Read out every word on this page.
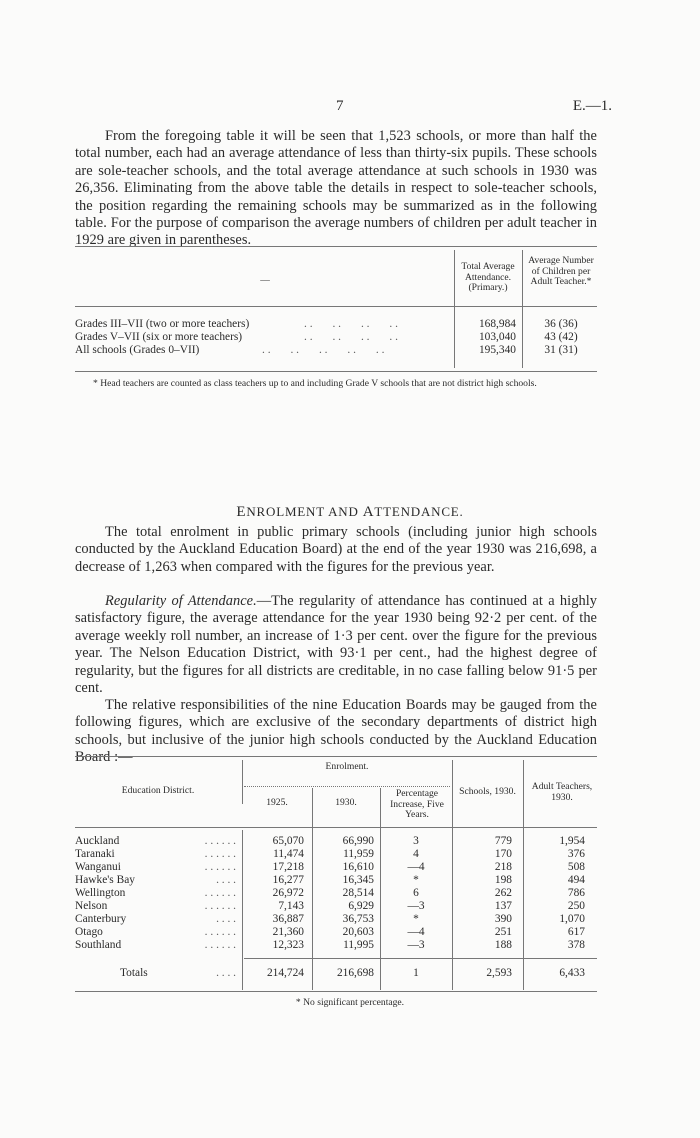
7	E.—1.

From the foregoing table it will be seen that 1,523 schools, or more than half the total number, each had an average attendance of less than thirty-six pupils. These schools are sole-teacher schools, and the total average attendance at such schools in 1930 was 26,356. Eliminating from the above table the details in respect to sole-teacher schools, the position regarding the remaining schools may be summarized as in the following table. For the purpose of comparison the average numbers of children per adult teacher in 1929 are given in parentheses.

—
Total Average Attendance. (Primary.)
Average Number of Children per Adult Teacher.*
Grades III–VII (two or more teachers)	. .       . .       . .       . .	168,984	36 (36)
Grades V–VII (six or more teachers)	. .       . .       . .       . .	103,040	43 (42)
All schools (Grades 0–VII)	. .       . .       . .       . .       . .	195,340	31 (31)
* Head teachers are counted as class teachers up to and including Grade V schools that are not district high schools.
ENROLMENT AND ATTENDANCE.

The total enrolment in public primary schools (including junior high schools conducted by the Auckland Education Board) at the end of the year 1930 was 216,698, a decrease of 1,263 when compared with the figures for the previous year.

Regularity of Attendance.—The regularity of attendance has continued at a highly satisfactory figure, the average attendance for the year 1930 being 92·2 per cent. of the average weekly roll number, an increase of 1·3 per cent. over the figure for the previous year. The Nelson Education District, with 93·1 per cent., had the highest degree of regularity, but the figures for all districts are creditable, in no case falling below 91·5 per cent.

The relative responsibilities of the nine Education Boards may be gauged from the following figures, which are exclusive of the secondary departments of district high schools, but inclusive of the junior high schools conducted by the Auckland Education Board :—

Enrolment.
Education District.
1925.	1930.
Percentage Increase, Five Years.
Schools, 1930.	Adult Teachers, 1930.
Auckland	. . . . . .	65,070	66,990	3	779	1,954
Taranaki	. . . . . .	11,474	11,959	4	170	376
Wanganui	. . . . . .	17,218	16,610	—4	218	508
Hawke's Bay	. . . .	16,277	16,345	*	198	494
Wellington	. . . . . .	26,972	28,514	6	262	786
Nelson	. . . . . .	7,143	6,929	—3	137	250
Canterbury	. . . .	36,887	36,753	*	390	1,070
Otago	. . . . . .	21,360	20,603	—4	251	617
Southland	. . . . . .	12,323	11,995	—3	188	378
Totals	. . . .	214,724	216,698	1	2,593	6,433
* No significant percentage.
